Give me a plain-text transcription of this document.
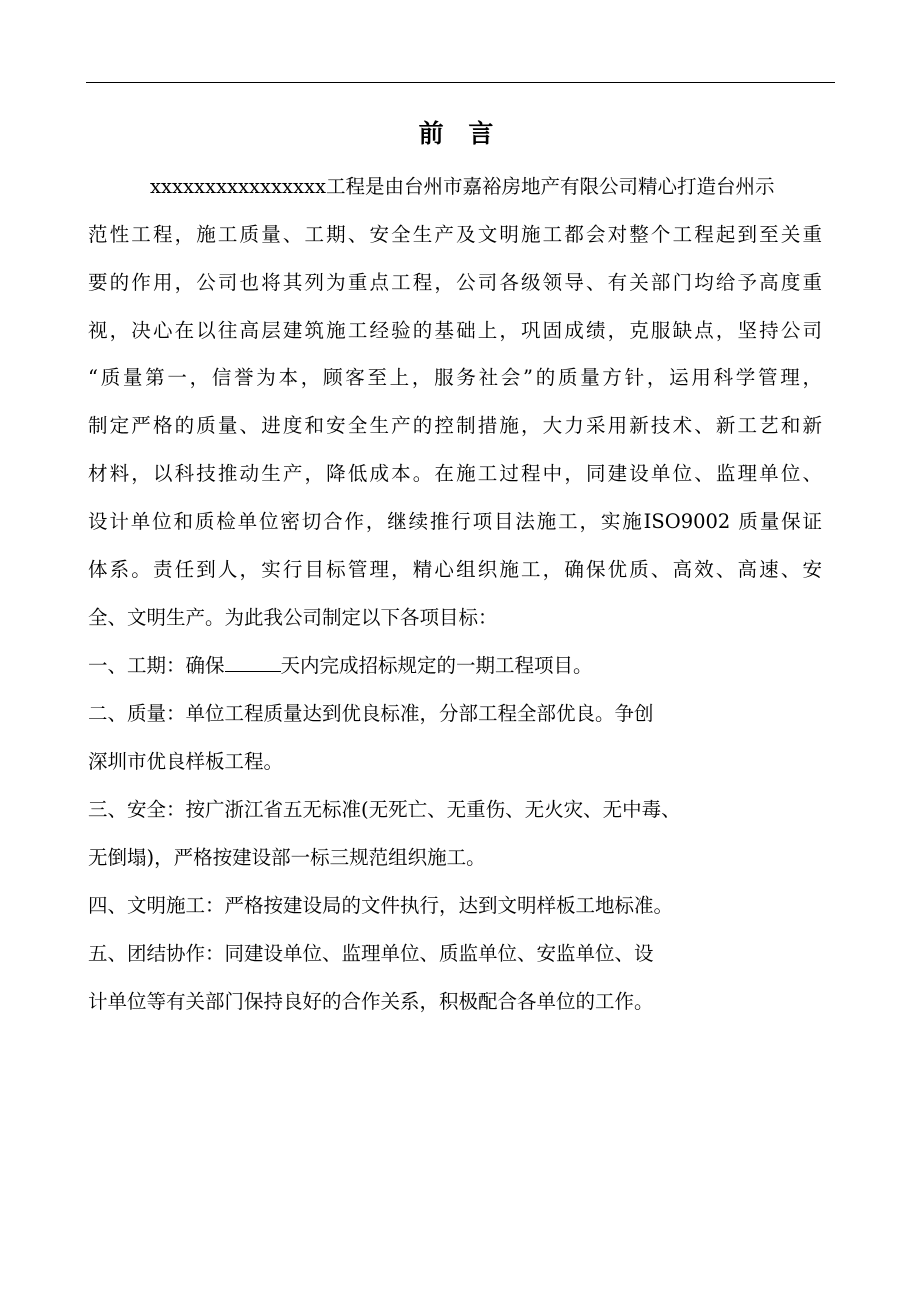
前 言
xxxxxxxxxxxxxxxx工程是由台州市嘉裕房地产有限公司精心打造台州示
范性工程，施工质量、工期、安全生产及文明施工都会对整个工程起到至关重
要的作用，公司也将其列为重点工程，公司各级领导、有关部门均给予高度重
视，决心在以往高层建筑施工经验的基础上，巩固成绩，克服缺点，坚持公司
“质量第一，信誉为本，顾客至上，服务社会”的质量方针，运用科学管理，
制定严格的质量、进度和安全生产的控制措施，大力采用新技术、新工艺和新
材料，以科技推动生产，降低成本。在施工过程中，同建设单位、监理单位、
设计单位和质检单位密切合作，继续推行项目法施工，实施ISO9002 质量保证
体系。责任到人，实行目标管理，精心组织施工，确保优质、高效、高速、安
全、文明生产。为此我公司制定以下各项目标：
一、工期：确保	天内完成招标规定的一期工程项目。
二、质量：单位工程质量达到优良标准，分部工程全部优良。争创
深圳市优良样板工程。
三、安全：按广浙江省五无标准(无死亡、无重伤、无火灾、无中毒、
无倒塌)，严格按建设部一标三规范组织施工。
四、文明施工：严格按建设局的文件执行，达到文明样板工地标准。
五、团结协作：同建设单位、监理单位、质监单位、安监单位、设
计单位等有关部门保持良好的合作关系，积极配合各单位的工作。
